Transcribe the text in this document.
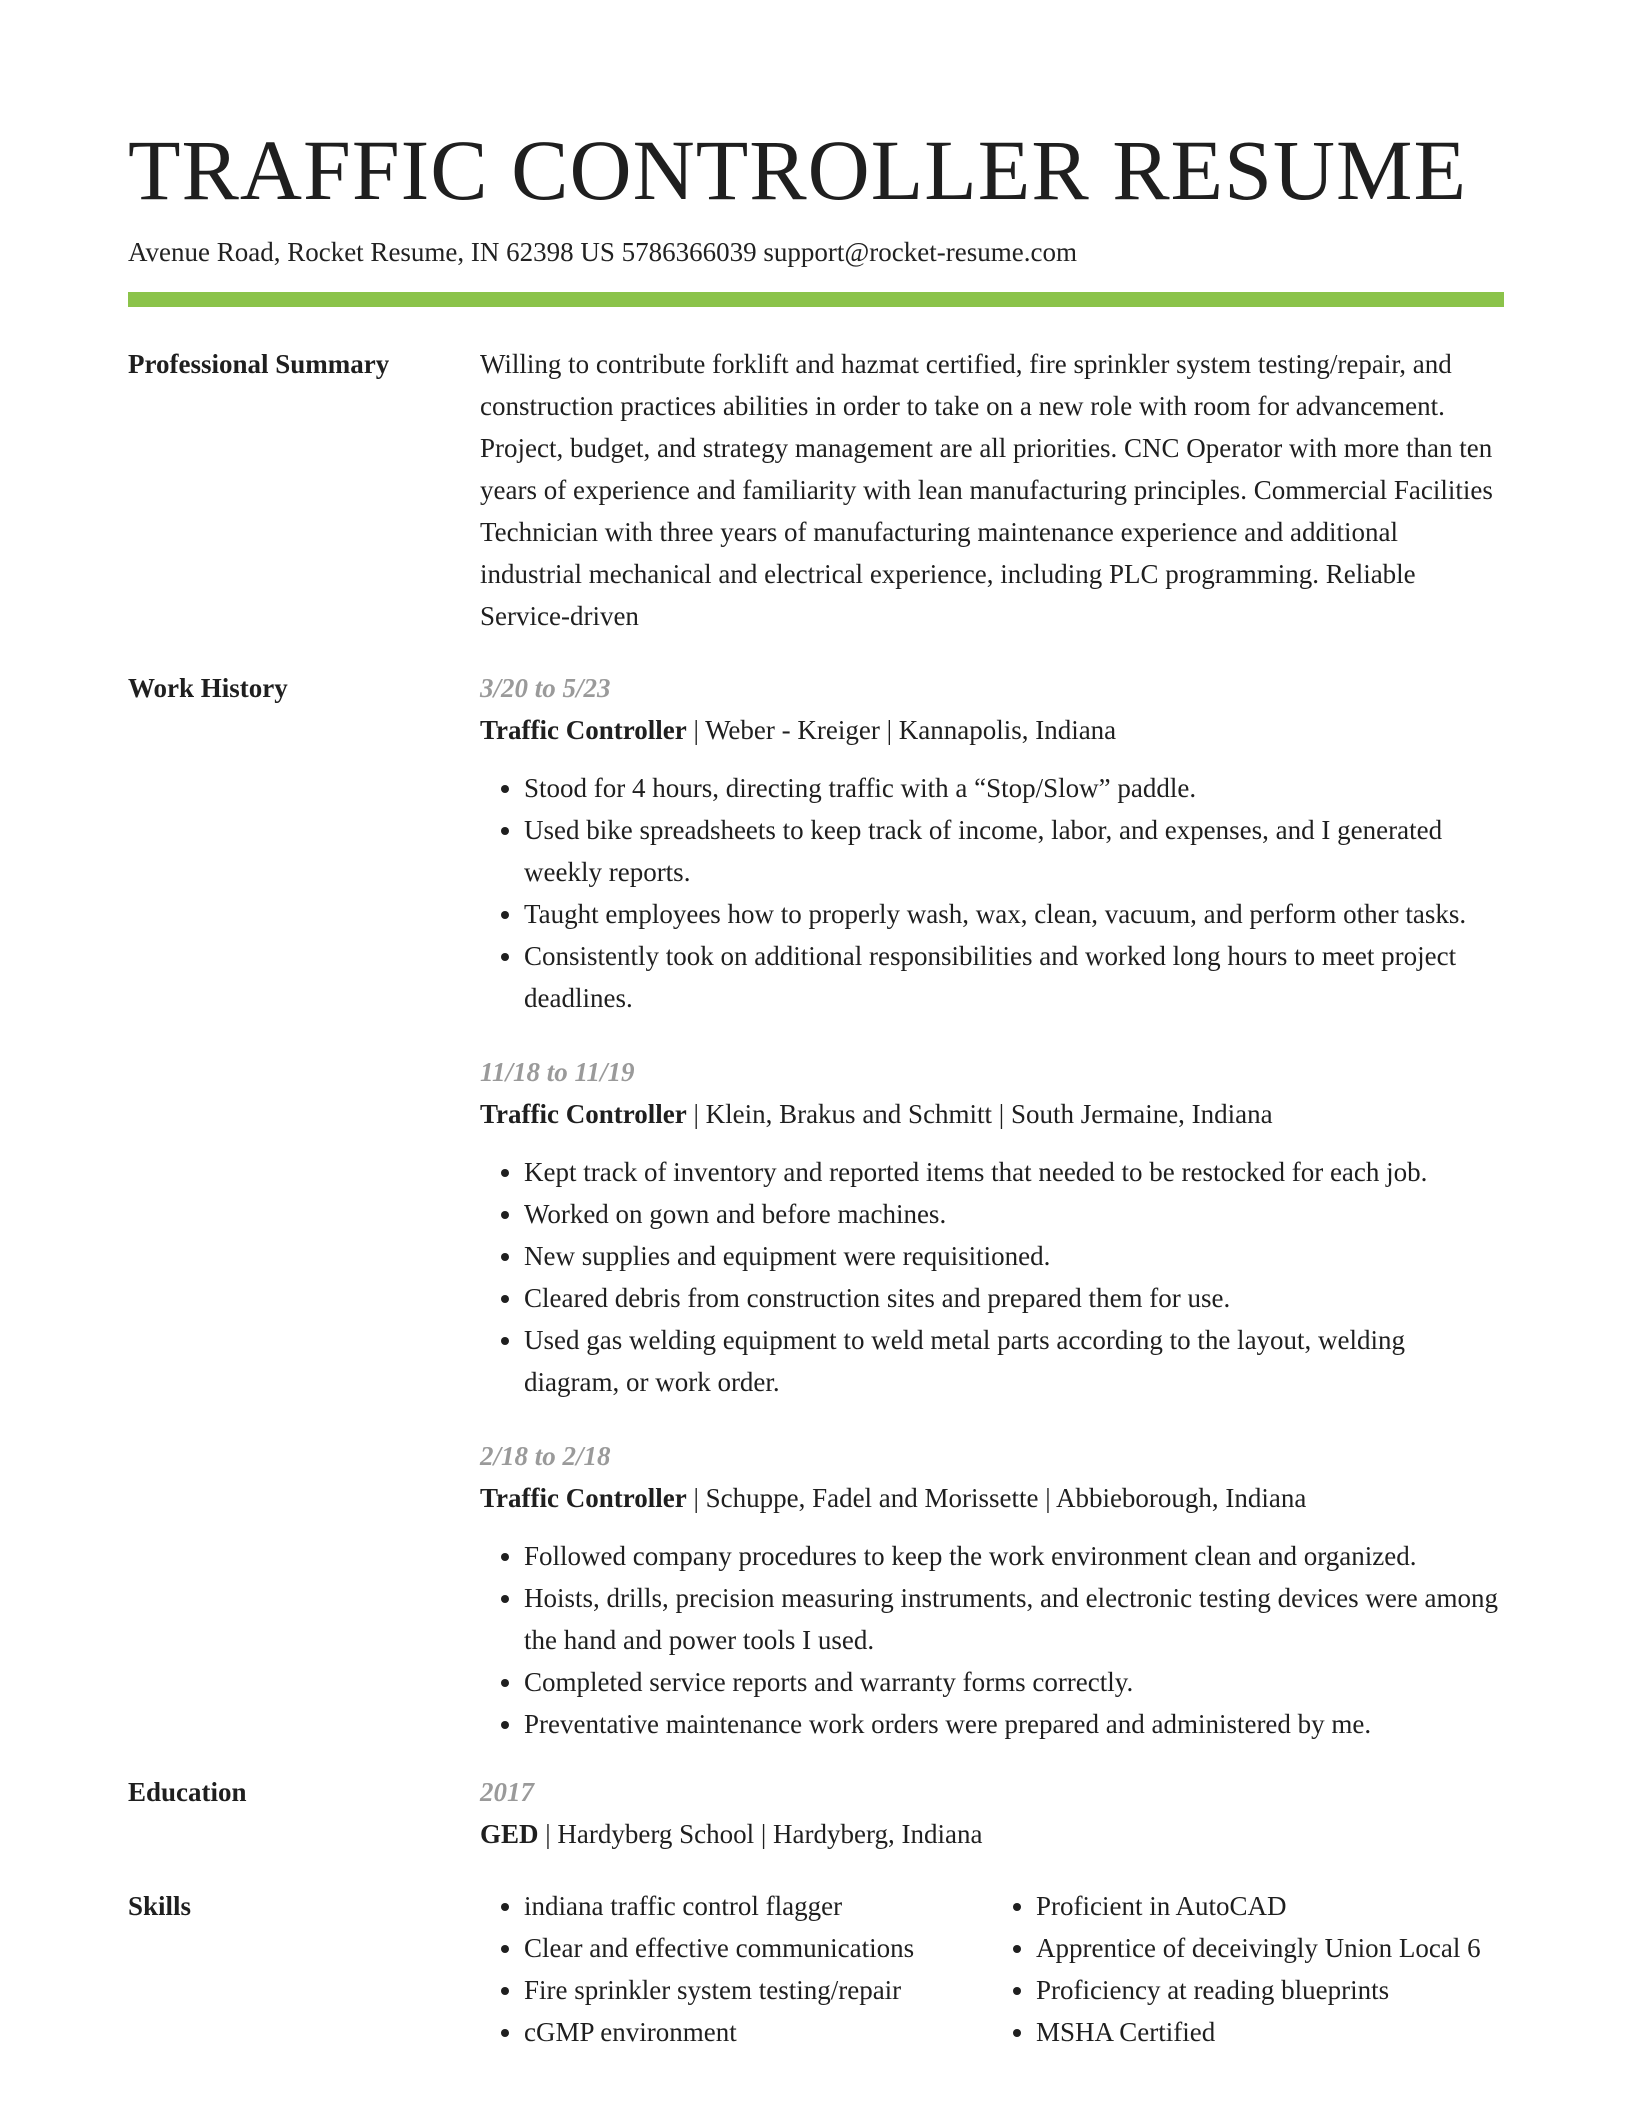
TRAFFIC CONTROLLER RESUME
Avenue Road, Rocket Resume, IN 62398 US 5786366039 support@rocket-resume.com
Professional Summary	Willing to contribute forklift and hazmat certified, fire sprinkler system testing/repair, and construction practices abilities in order to take on a new role with room for advancement. Project, budget, and strategy management are all priorities. CNC Operator with more than ten years of experience and familiarity with lean manufacturing principles. Commercial Facilities Technician with three years of manufacturing maintenance experience and additional industrial mechanical and electrical experience, including PLC programming. Reliable Service-driven

Work History	3/20 to 5/23
Traffic Controller | Weber - Kreiger | Kannapolis, Indiana
• Stood for 4 hours, directing traffic with a “Stop/Slow” paddle.
• Used bike spreadsheets to keep track of income, labor, and expenses, and I generated weekly reports.
• Taught employees how to properly wash, wax, clean, vacuum, and perform other tasks.
• Consistently took on additional responsibilities and worked long hours to meet project deadlines.
11/18 to 11/19
Traffic Controller | Klein, Brakus and Schmitt | South Jermaine, Indiana
• Kept track of inventory and reported items that needed to be restocked for each job.
• Worked on gown and before machines.
• New supplies and equipment were requisitioned.
• Cleared debris from construction sites and prepared them for use.
• Used gas welding equipment to weld metal parts according to the layout, welding diagram, or work order.
2/18 to 2/18
Traffic Controller | Schuppe, Fadel and Morissette | Abbieborough, Indiana
• Followed company procedures to keep the work environment clean and organized.
• Hoists, drills, precision measuring instruments, and electronic testing devices were among the hand and power tools I used.
• Completed service reports and warranty forms correctly.
• Preventative maintenance work orders were prepared and administered by me.
Education	2017
GED | Hardyberg School | Hardyberg, Indiana
Skills
•	indiana traffic control flagger
• Clear and effective communications
• Fire sprinkler system testing/repair
• cGMP environment
• Proficient in AutoCAD
• Apprentice of deceivingly Union Local 6
• Proficiency at reading blueprints
• MSHA Certified
